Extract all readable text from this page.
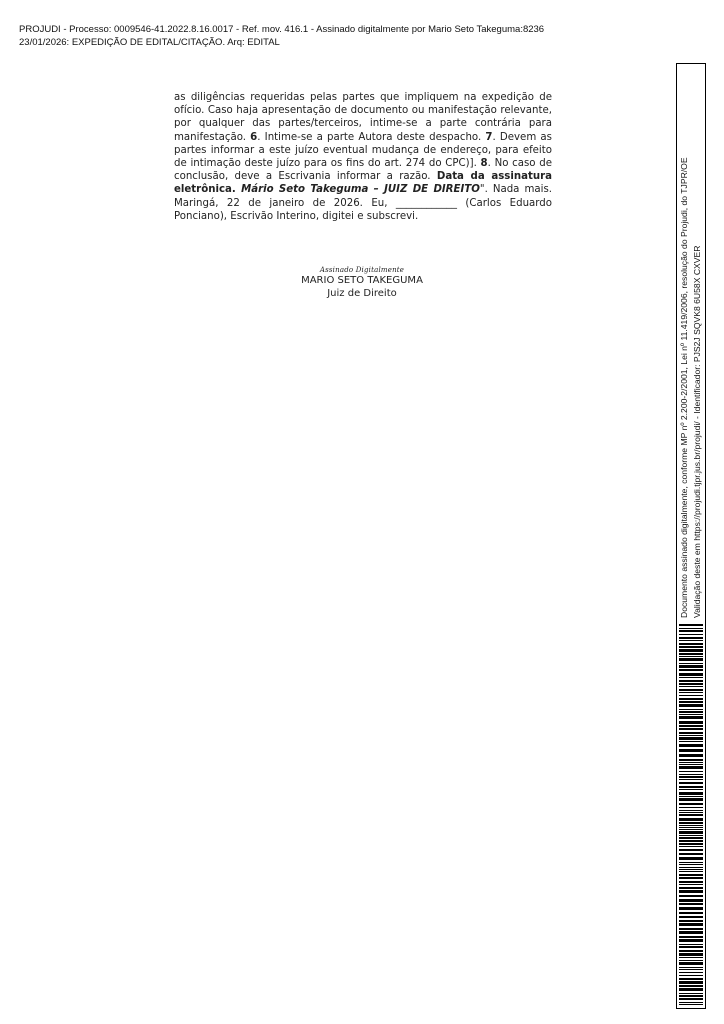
PROJUDI - Processo: 0009546-41.2022.8.16.0017 - Ref. mov. 416.1 - Assinado digitalmente por Mario Seto Takeguma:8236
23/01/2026: EXPEDIÇÃO DE EDITAL/CITAÇÃO. Arq: EDITAL

as diligências requeridas pelas partes que impliquem na expedição de ofício. Caso haja apresentação de documento ou manifestação relevante, por qualquer das partes/terceiros, intime-se a parte contrária para manifestação. 6. Intime-se a parte Autora deste despacho. 7. Devem as partes informar a este juízo eventual mudança de endereço, para efeito de intimação deste juízo para os fins do art. 274 do CPC)]. 8. No caso de conclusão, deve a Escrivania informar a razão. Data da assinatura eletrônica. Mário Seto Takeguma – JUIZ DE DIREITO". Nada mais. Maringá, 22 de janeiro de 2026. Eu, ____________ (Carlos Eduardo Ponciano), Escrivão Interino, digitei e subscrevi.

Assinado Digitalmente
MARIO SETO TAKEGUMA
Juiz de Direito	Documento assinado digitalmente, conforme MP nº 2.200-2/2001, Lei nº 11.419/2006, resolução do Projudi, do TJPR/OE Validação deste em https://projudi.tjpr.jus.br/projudi/ - Identificador: PJS2J SQVK8 6U58X CXVER
